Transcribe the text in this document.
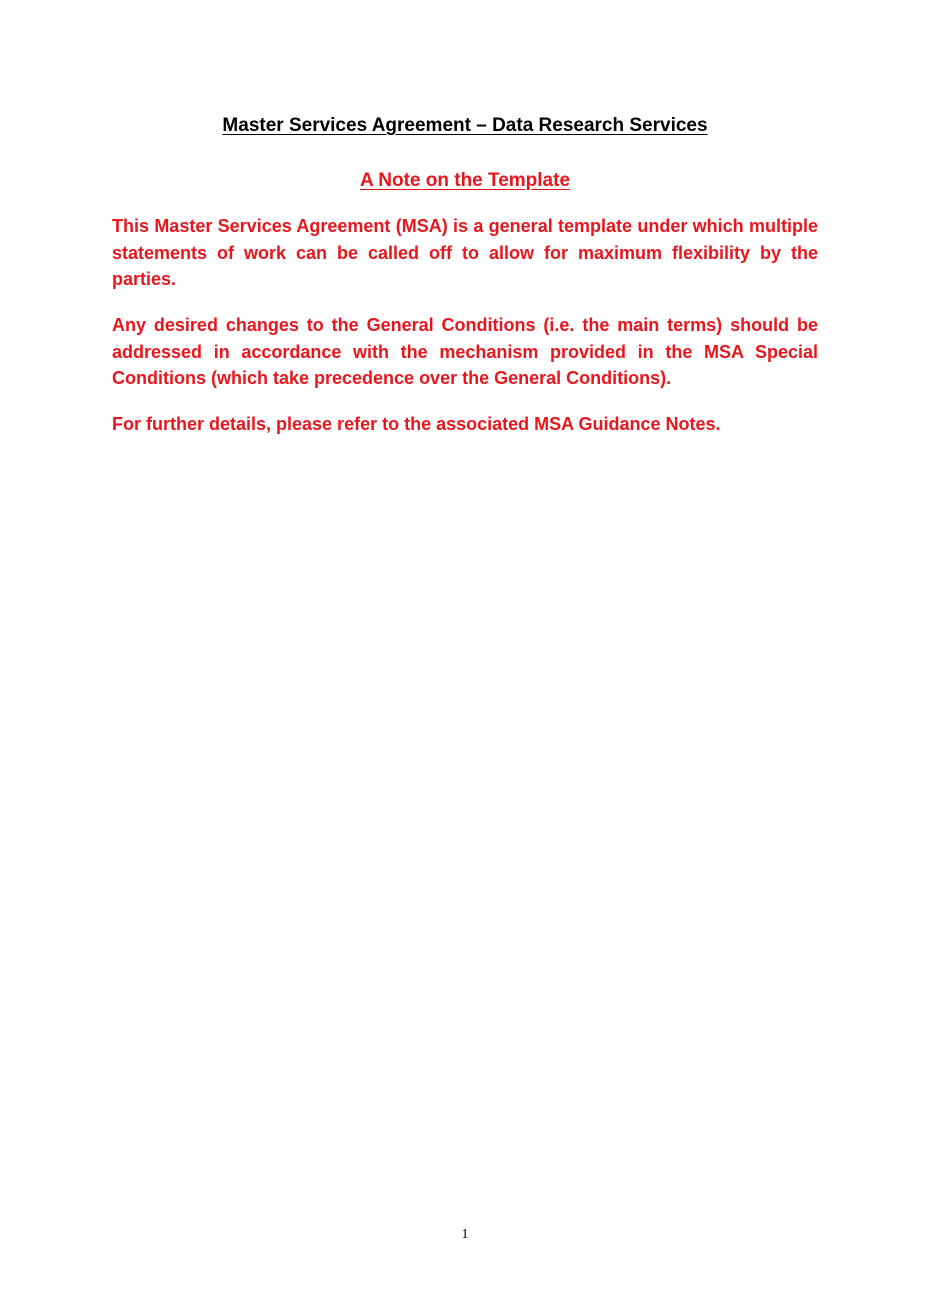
Master Services Agreement – Data Research Services
A Note on the Template

This Master Services Agreement (MSA) is a general template under which multiple statements of work can be called off to allow for maximum flexibility by the parties.

Any desired changes to the General Conditions (i.e. the main terms) should be addressed in accordance with the mechanism provided in the MSA Special Conditions (which take precedence over the General Conditions).

For further details, please refer to the associated MSA Guidance Notes.

1
